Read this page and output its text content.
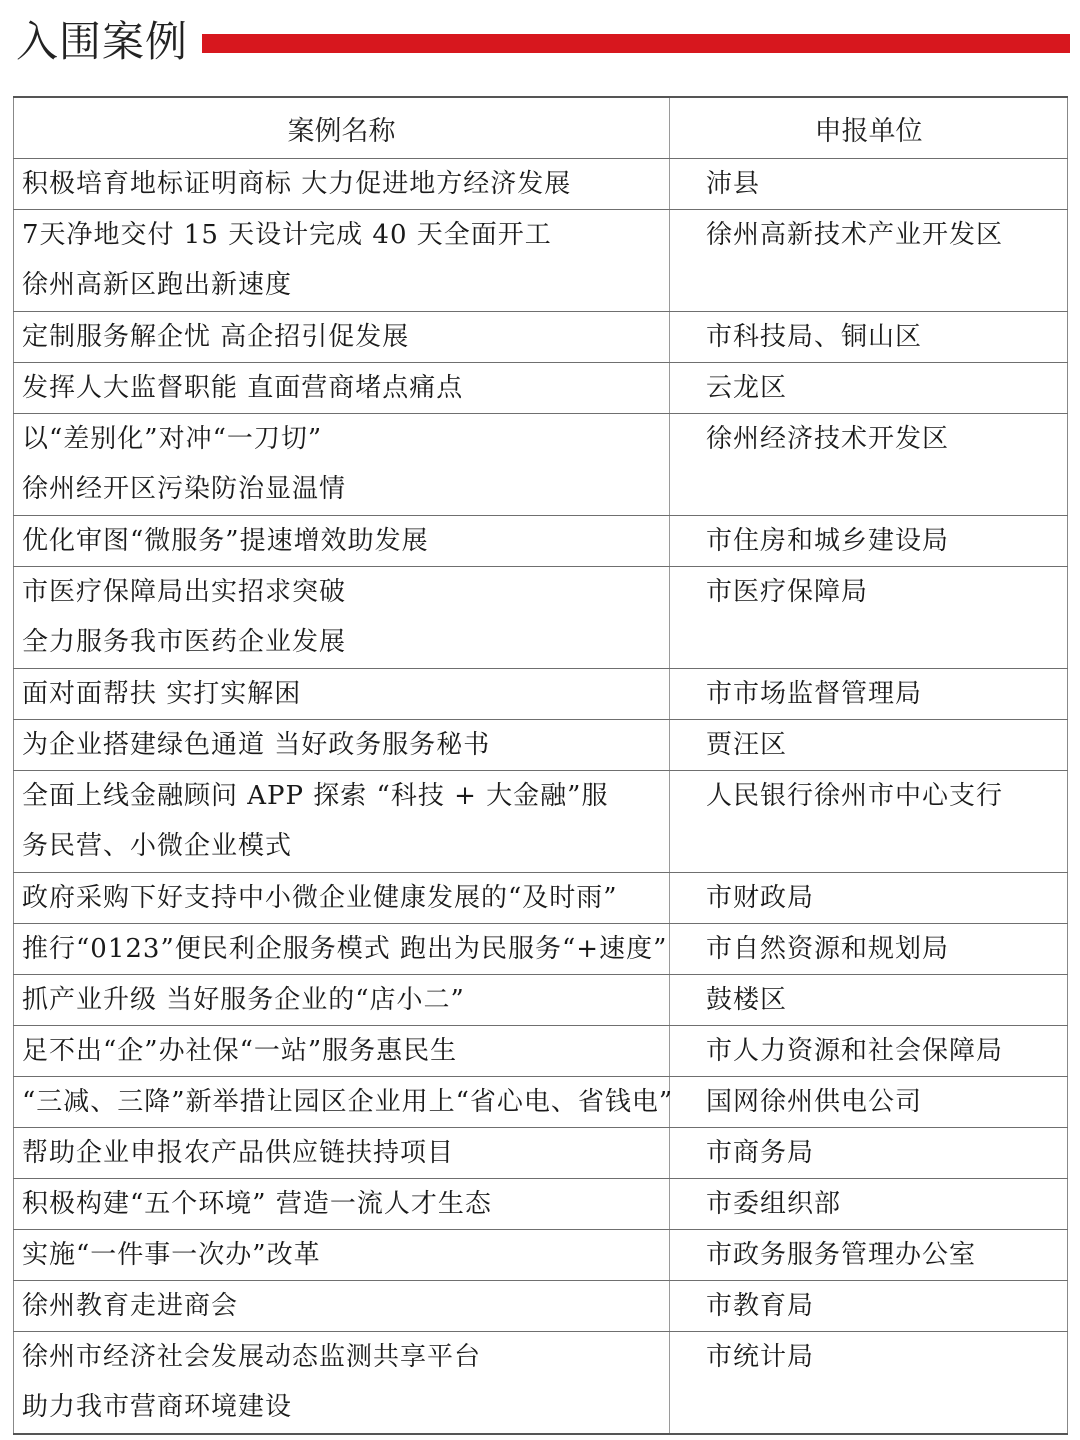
入围案例
案例名称	申报单位

积极培育地标证明商标 大力促进地方经济发展	沛县

7天净地交付 15 天设计完成 40 天全面开工
徐州高新区跑出新速度	徐州高新技术产业开发区

定制服务解企忧 高企招引促发展	市科技局、铜山区

发挥人大监督职能 直面营商堵点痛点	云龙区

以“差别化”对冲“一刀切”
徐州经开区污染防治显温情	徐州经济技术开发区

优化审图“微服务”提速增效助发展	市住房和城乡建设局

市医疗保障局出实招求突破
全力服务我市医药企业发展	市医疗保障局

面对面帮扶 实打实解困	市市场监督管理局

为企业搭建绿色通道 当好政务服务秘书	贾汪区

全面上线金融顾问 APP 探索 “科技 + 大金融”服
务民营、小微企业模式	人民银行徐州市中心支行

政府采购下好支持中小微企业健康发展的“及时雨”	市财政局

推行“0123”便民利企服务模式 跑出为民服务“+速度”	市自然资源和规划局

抓产业升级 当好服务企业的“店小二”	鼓楼区

足不出“企”办社保“一站”服务惠民生	市人力资源和社会保障局

“三减、三降”新举措让园区企业用上“省心电、省钱电”	国网徐州供电公司

帮助企业申报农产品供应链扶持项目	市商务局

积极构建“五个环境” 营造一流人才生态	市委组织部

实施“一件事一次办”改革	市政务服务管理办公室

徐州教育走进商会	市教育局

徐州市经济社会发展动态监测共享平台
助力我市营商环境建设	市统计局
